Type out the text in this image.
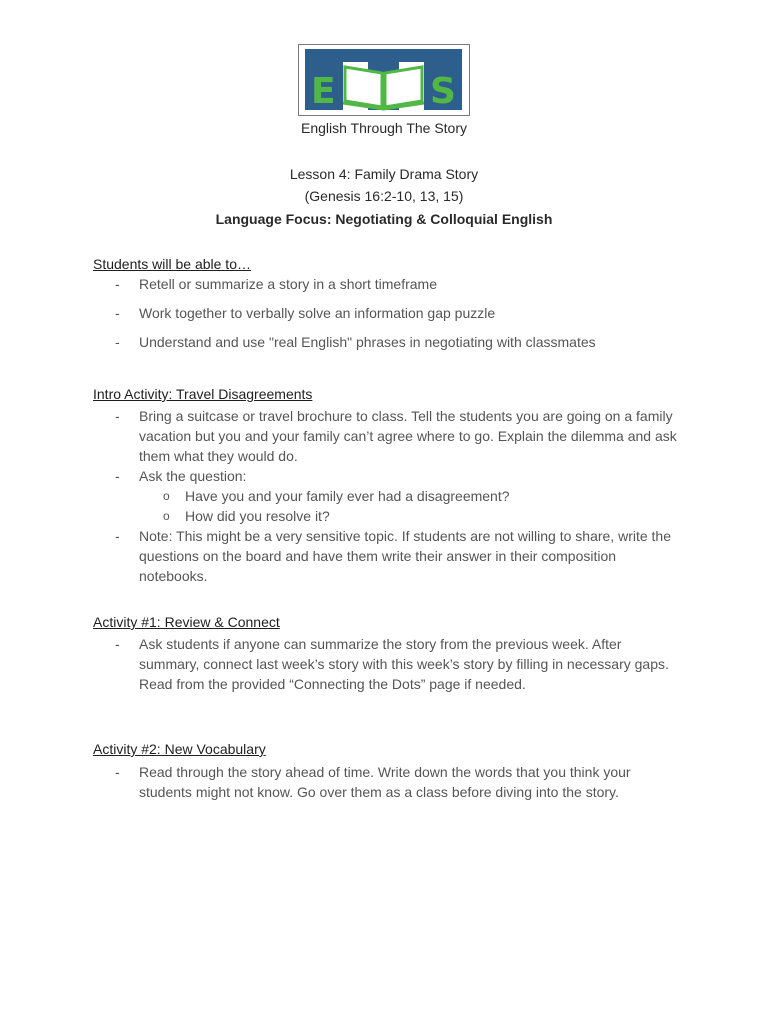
E	S
English Through The Story
Lesson 4: Family Drama Story
(Genesis 16:2-10, 13, 15)
Language Focus: Negotiating & Colloquial English
Students will be able to…
- Retell or summarize a story in a short timeframe
- Work together to verbally solve an information gap puzzle
- Understand and use "real English" phrases in negotiating with classmates
Intro Activity: Travel Disagreements
- Bring a suitcase or travel brochure to class. Tell the students you are going on a family vacation but you and your family can’t agree where to go. Explain the dilemma and ask them what they would do.
- Ask the question:
o Have you and your family ever had a disagreement?
o How did you resolve it?
- Note: This might be a very sensitive topic. If students are not willing to share, write the questions on the board and have them write their answer in their composition notebooks.
Activity #1: Review & Connect
- Ask students if anyone can summarize the story from the previous week. After summary, connect last week’s story with this week’s story by filling in necessary gaps. Read from the provided “Connecting the Dots” page if needed.
Activity #2: New Vocabulary
- Read through the story ahead of time. Write down the words that you think your students might not know. Go over them as a class before diving into the story.
